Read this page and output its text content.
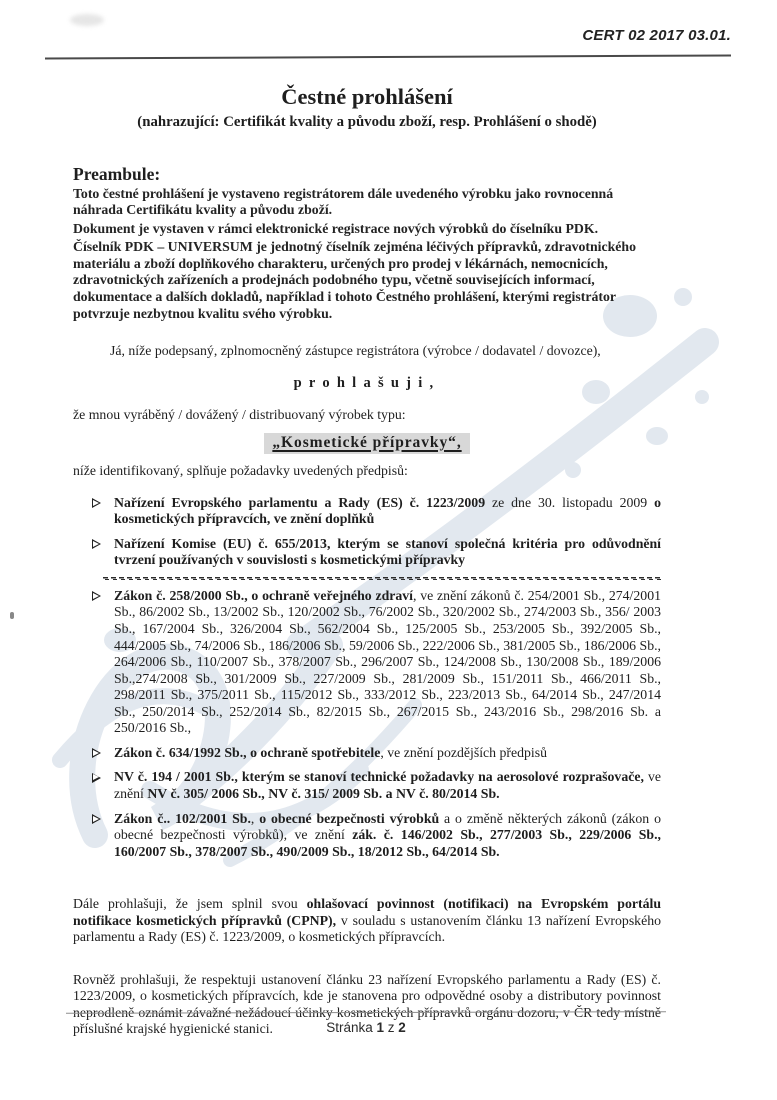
CERT 02 2017 03.01.
Čestné prohlášení
(nahrazující: Certifikát kvality a původu zboží, resp. Prohlášení o shodě)
Preambule:
Toto čestné prohlášení je vystaveno registrátorem dále uvedeného výrobku jako rovnocenná náhrada Certifikátu kvality a původu zboží.
Dokument je vystaven v rámci elektronické registrace nových výrobků do číselníku PDK.
Číselník PDK – UNIVERSUM je jednotný číselník zejména léčivých přípravků, zdravotnického materiálu a zboží doplňkového charakteru, určených pro prodej v lékárnách, nemocnicích, zdravotnických zařízeních a prodejnách podobného typu, včetně souvisejících informací, dokumentace a dalších dokladů, například i tohoto Čestného prohlášení, kterými registrátor potvrzuje nezbytnou kvalitu svého výrobku.
Já, níže podepsaný, zplnomocněný zástupce registrátora (výrobce / dodavatel / dovozce),
prohlašuji,
že mnou vyráběný / dovážený / distribuovaný výrobek typu:
„Kosmetické přípravky“,
níže identifikovaný, splňuje požadavky uvedených předpisů:
Nařízení Evropského parlamentu a Rady (ES) č. 1223/2009 ze dne 30. listopadu 2009 o kosmetických přípravcích, ve znění doplňků
Nařízení Komise (EU) č. 655/2013, kterým se stanoví společná kritéria pro odůvodnění tvrzení používaných v souvislosti s kosmetickými přípravky
Zákon č. 258/2000 Sb., o ochraně veřejného zdraví, ve znění zákonů č. 254/2001 Sb., 274/2001 Sb., 86/2002 Sb., 13/2002 Sb., 120/2002 Sb., 76/2002 Sb., 320/2002 Sb., 274/2003 Sb., 356/ 2003 Sb., 167/2004 Sb., 326/2004 Sb., 562/2004 Sb., 125/2005 Sb., 253/2005 Sb., 392/2005 Sb., 444/2005 Sb., 74/2006 Sb., 186/2006 Sb., 59/2006 Sb., 222/2006 Sb., 381/2005 Sb., 186/2006 Sb., 264/2006 Sb., 110/2007 Sb., 378/2007 Sb., 296/2007 Sb., 124/2008 Sb., 130/2008 Sb., 189/2006 Sb.,274/2008 Sb., 301/2009 Sb., 227/2009 Sb., 281/2009 Sb., 151/2011 Sb., 466/2011 Sb., 298/2011 Sb., 375/2011 Sb., 115/2012 Sb., 333/2012 Sb., 223/2013 Sb., 64/2014 Sb., 247/2014 Sb., 250/2014 Sb., 252/2014 Sb., 82/2015 Sb., 267/2015 Sb., 243/2016 Sb., 298/2016 Sb. a 250/2016 Sb.,
Zákon č. 634/1992 Sb., o ochraně spotřebitele, ve znění pozdějších předpisů
NV č. 194 / 2001 Sb., kterým se stanoví technické požadavky na aerosolové rozprašovače, ve znění NV č. 305/ 2006 Sb., NV č. 315/ 2009 Sb. a NV č. 80/2014 Sb.
Zákon č.. 102/2001 Sb., o obecné bezpečnosti výrobků a o změně některých zákonů (zákon o obecné bezpečnosti výrobků), ve znění zák. č. 146/2002 Sb., 277/2003 Sb., 229/2006 Sb., 160/2007 Sb., 378/2007 Sb., 490/2009 Sb., 18/2012 Sb., 64/2014 Sb.
Dále prohlašuji, že jsem splnil svou ohlašovací povinnost (notifikaci) na Evropském portálu notifikace kosmetických přípravků (CPNP), v souladu s ustanovením článku 13 nařízení Evropského parlamentu a Rady (ES) č. 1223/2009, o kosmetických přípravcích.
Rovněž prohlašuji, že respektuji ustanovení článku 23 nařízení Evropského parlamentu a Rady (ES) č. 1223/2009, o kosmetických přípravcích, kde je stanovena pro odpovědné osoby a distributory povinnost neprodleně oznámit závažné nežádoucí účinky kosmetických přípravků orgánu dozoru, v ČR tedy místně příslušné krajské hygienické stanici.	Stránka 1 z 2
